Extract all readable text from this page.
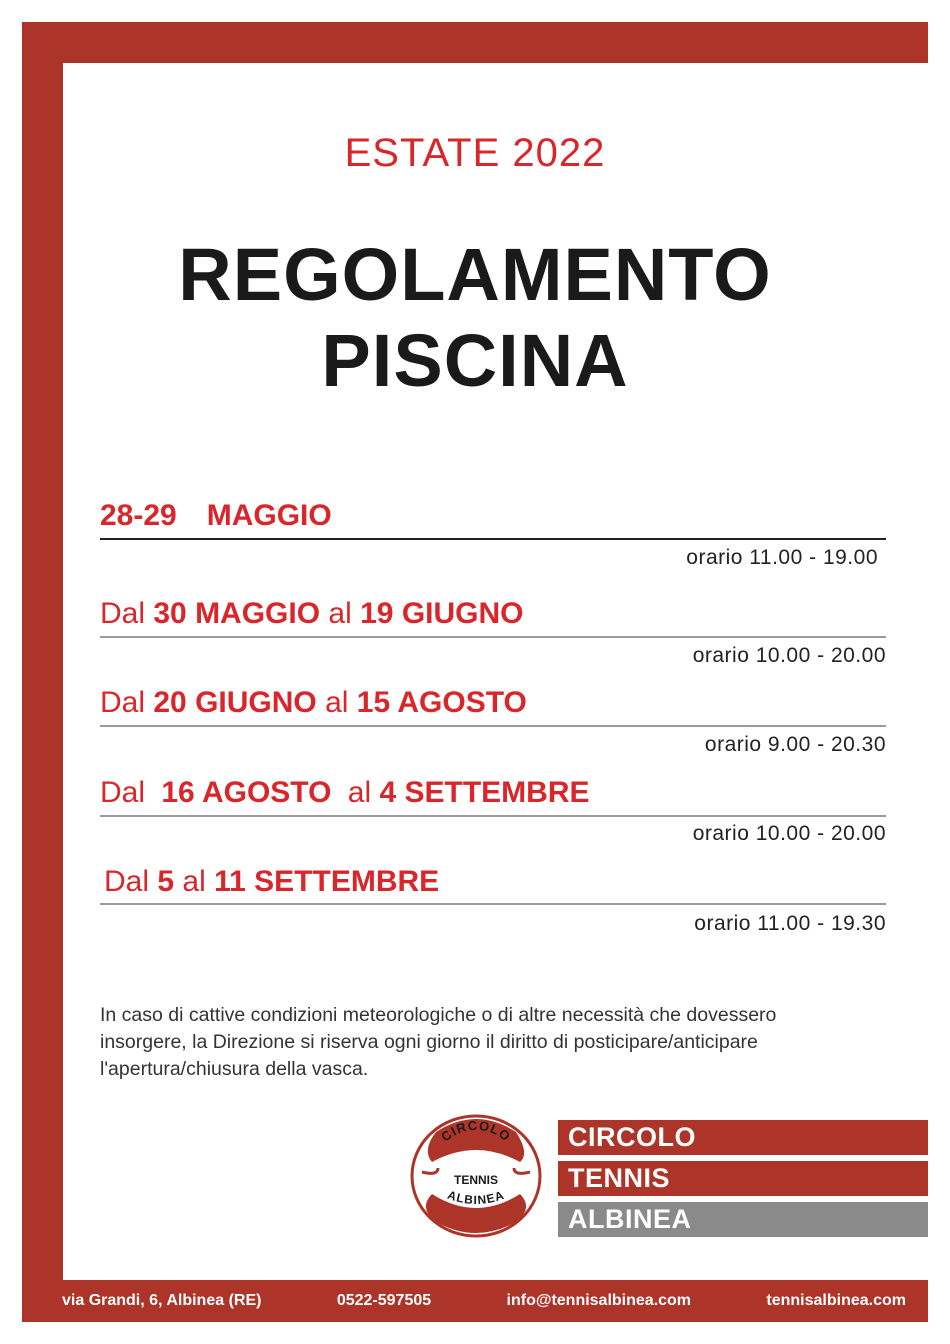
ESTATE 2022
REGOLAMENTO
PISCINA
28-29 MAGGIO
orario 11.00 - 19.00
Dal 30 MAGGIO al 19 GIUGNO
orario 10.00 - 20.00
Dal 20 GIUGNO al 15 AGOSTO
orario 9.00 - 20.30
Dal 16 AGOSTO al 4 SETTEMBRE
orario 10.00 - 20.00
Dal 5 al 11 SETTEMBRE
orario 11.00 - 19.30
In caso di cattive condizioni meteorologiche o di altre necessità che dovessero
insorgere, la Direzione si riserva ogni giorno il diritto di posticipare/anticipare
l'apertura/chiusura della vasca.
CIRCOLO
TENNIS
ALBINEA
CIRCOLO
TENNIS
ALBINEA
via Grandi, 6, Albinea (RE)	0522-597505	info@tennisalbinea.com	tennisalbinea.com
